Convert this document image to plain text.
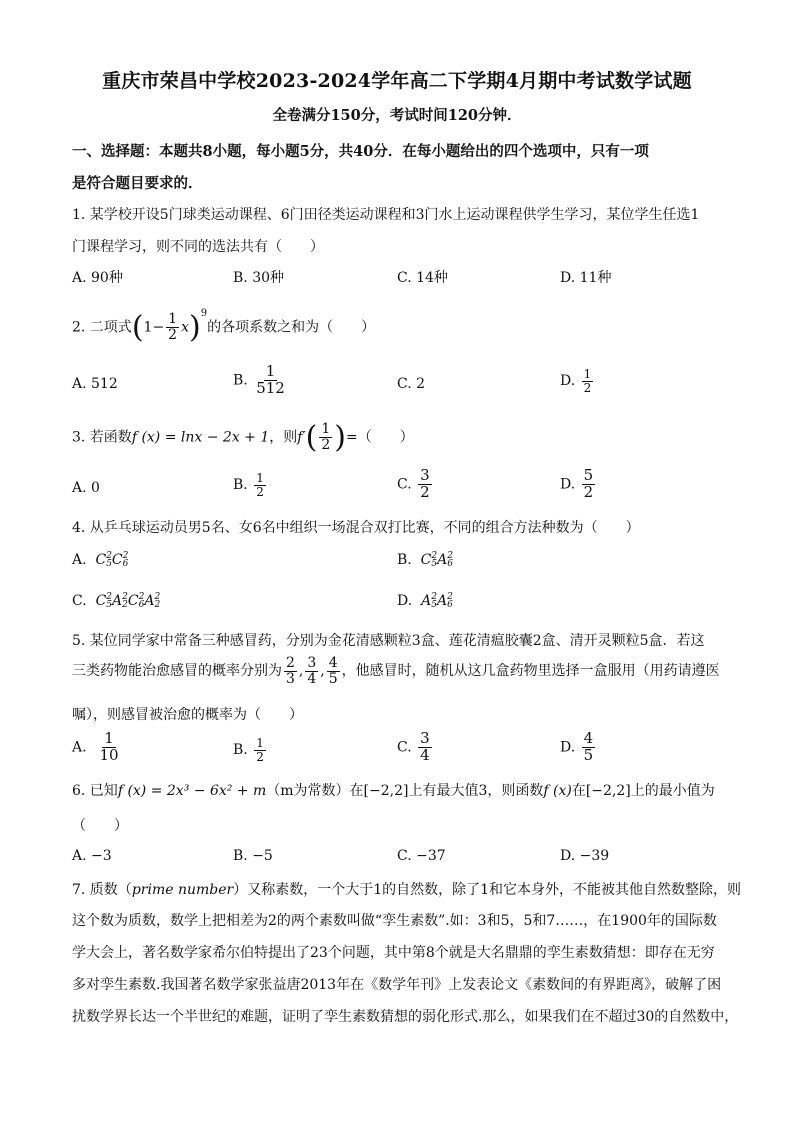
重庆市荣昌中学校2023-2024学年高二下学期4月期中考试数学试题
全卷满分150分，考试时间120分钟．
一、选择题：本题共8小题，每小题5分，共40分．在每小题给出的四个选项中，只有一项
是符合题目要求的．
1. 某学校开设5门球类运动课程、6门田径类运动课程和3门水上运动课程供学生学习，某位学生任选1
门课程学习，则不同的选法共有（　　）
A. 90种	B. 30种	C. 14种	D. 11种
2. 二项式$(1- \frac{1}{2} x)^9$的各项系数之和为（　　）
A. 512	B. $\frac{1}{512}$	C. 2	D. $\frac{1}{2}$
3. 若函数f (x) = lnx − 2x + 1，则$f'( \frac{1}{2}$ )=（　　）
A. 0	B. $\frac{1}{2}$	C. $\frac{3}{2}$	D. $\frac{5}{2}$
4. 从乒乓球运动员男5名、女6名中组织一场混合双打比赛，不同的组合方法种数为（　　）
A. C 2
5 C 2
6	B. C 2
5 A 2
6
C. C 2
5 A 2
2 C 2
6 A 2
2	D. A 2
5 A 2
6
5. 某位同学家中常备三种感冒药，分别为金花清感颗粒3盒、莲花清瘟胶囊2盒、清开灵颗粒5盒．若这
三类药物能治愈感冒的概率分别为 $\frac{2}{3}$ , $\frac{3}{4}$ , $\frac{4}{5}$ ，他感冒时，随机从这几盒药物里选择一盒服用（用药请遵医
嘱），则感冒被治愈的概率为（　　）
A. $\frac{1}{10}$	B. $\frac{1}{2}$	C. $\frac{3}{4}$	D. $\frac{4}{5}$
6. 已知f (x) = 2x³ − 6x² + m（m为常数）在[−2,2]上有最大值3，则函数f (x)在[−2,2]上的最小值为
（　　）
A. −3	B. −5	C. −37	D. −39
7. 质数（prime number）又称素数，一个大于1的自然数，除了1和它本身外，不能被其他自然数整除，则
这个数为质数，数学上把相差为2的两个素数叫做“孪生素数”.如：3和5，5和7……，在1900年的国际数
学大会上，著名数学家希尔伯特提出了23个问题，其中第8个就是大名鼎鼎的孪生素数猜想：即存在无穷
多对孪生素数.我国著名数学家张益唐2013年在《数学年刊》上发表论文《素数间的有界距离》，破解了困
扰数学界长达一个半世纪的难题，证明了孪生素数猜想的弱化形式.那么，如果我们在不超过30的自然数中，
